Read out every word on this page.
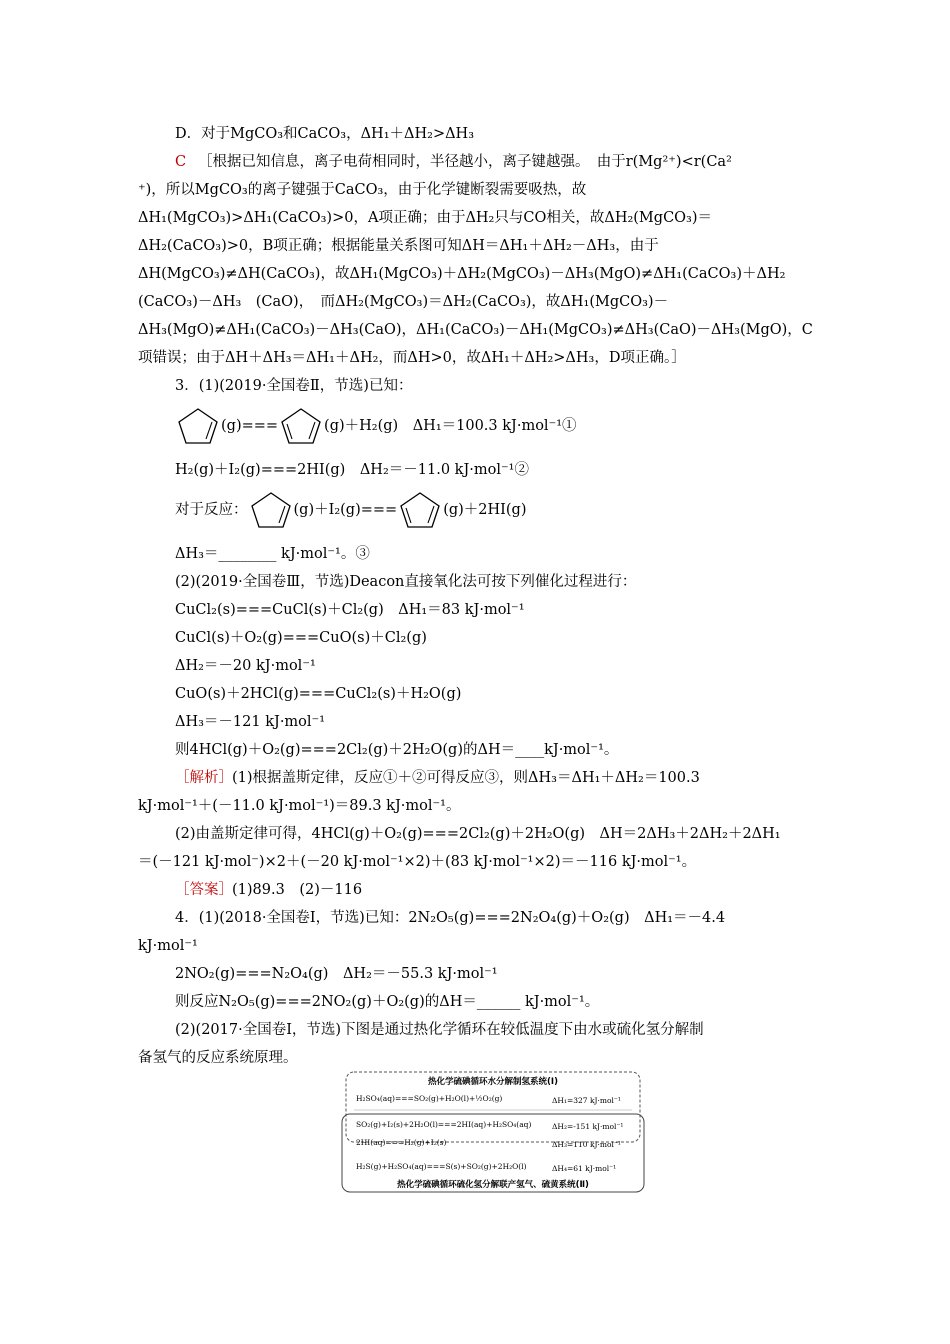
D．对于MgCO₃和CaCO₃，ΔH₁＋ΔH₂>ΔH₃
C ［根据已知信息，离子电荷相同时，半径越小，离子键越强。　由于r(Mg²⁺)<r(Ca²
⁺)，所以MgCO₃的离子键强于CaCO₃，由于化学键断裂需要吸热，故
ΔH₁(MgCO₃)>ΔH₁(CaCO₃)>0，A项正确；由于ΔH₂只与CO相关，故ΔH₂(MgCO₃)＝
ΔH₂(CaCO₃)>0，B项正确；根据能量关系图可知ΔH＝ΔH₁＋ΔH₂－ΔH₃，由于
ΔH(MgCO₃)≠ΔH(CaCO₃)，故ΔH₁(MgCO₃)＋ΔH₂(MgCO₃)－ΔH₃(MgO)≠ΔH₁(CaCO₃)＋ΔH₂
(CaCO₃)－ΔH₃　(CaO)，　而ΔH₂(MgCO₃)＝ΔH₂(CaCO₃)，故ΔH₁(MgCO₃)－
ΔH₃(MgO)≠ΔH₁(CaCO₃)－ΔH₃(CaO)，ΔH₁(CaCO₃)－ΔH₁(MgCO₃)≠ΔH₃(CaO)－ΔH₃(MgO)，C
项错误；由于ΔH＋ΔH₃＝ΔH₁＋ΔH₂，而ΔH>0，故ΔH₁＋ΔH₂>ΔH₃，D项正确。］
3．(1)(2019·全国卷Ⅱ，节选)已知：
(g)===	(g)＋H₂(g)　ΔH₁＝100.3 kJ·mol⁻¹①
H₂(g)＋I₂(g)===2HI(g)　ΔH₂＝－11.0 kJ·mol⁻¹②
对于反应：	(g)＋I₂(g)===	(g)＋2HI(g)
ΔH₃＝________ kJ·mol⁻¹。③
(2)(2019·全国卷Ⅲ，节选)Deacon直接氧化法可按下列催化过程进行：
CuCl₂(s)===CuCl(s)＋Cl₂(g)　ΔH₁＝83 kJ·mol⁻¹
CuCl(s)＋O₂(g)===CuO(s)＋Cl₂(g)
ΔH₂＝－20 kJ·mol⁻¹
CuO(s)＋2HCl(g)===CuCl₂(s)＋H₂O(g)
ΔH₃＝－121 kJ·mol⁻¹
则4HCl(g)＋O₂(g)===2Cl₂(g)＋2H₂O(g)的ΔH＝____kJ·mol⁻¹。
［解析］ (1)根据盖斯定律，反应①＋②可得反应③，则ΔH₃＝ΔH₁＋ΔH₂＝100.3
kJ·mol⁻¹＋(－11.0 kJ·mol⁻¹)＝89.3 kJ·mol⁻¹。
(2)由盖斯定律可得，4HCl(g)＋O₂(g)===2Cl₂(g)＋2H₂O(g)　ΔH＝2ΔH₃＋2ΔH₂＋2ΔH₁
＝(－121 kJ·mol⁻)×2＋(－20 kJ·mol⁻¹×2)＋(83 kJ·mol⁻¹×2)＝－116 kJ·mol⁻¹。
［答案］ (1)89.3　(2)－116
4．(1)(2018·全国卷Ⅰ，节选)已知：2N₂O₅(g)===2N₂O₄(g)＋O₂(g)　ΔH₁＝－4.4
kJ·mol⁻¹
2NO₂(g)===N₂O₄(g)　ΔH₂＝－55.3 kJ·mol⁻¹
则反应N₂O₅(g)===2NO₂(g)＋O₂(g)的ΔH＝______ kJ·mol⁻¹。
(2)(2017·全国卷Ⅰ，节选)下图是通过热化学循环在较低温度下由水或硫化氢分解制
备氢气的反应系统原理。
热化学硫碘循环水分解制氢系统(Ⅰ)
H₂SO₄(aq)===SO₂(g)+H₂O(l)+½O₂(g)	ΔH₁=327 kJ·mol⁻¹
SO₂(g)+I₂(s)+2H₂O(l)===2HI(aq)+H₂SO₄(aq)	ΔH₂=-151 kJ·mol⁻¹
2HI(aq)===H₂(g)+I₂(s)	ΔH₃=110 kJ·mol⁻¹
H₂S(g)+H₂SO₄(aq)===S(s)+SO₂(g)+2H₂O(l)	ΔH₄=61 kJ·mol⁻¹
热化学硫碘循环硫化氢分解联产氢气、硫黄系统(Ⅱ)
